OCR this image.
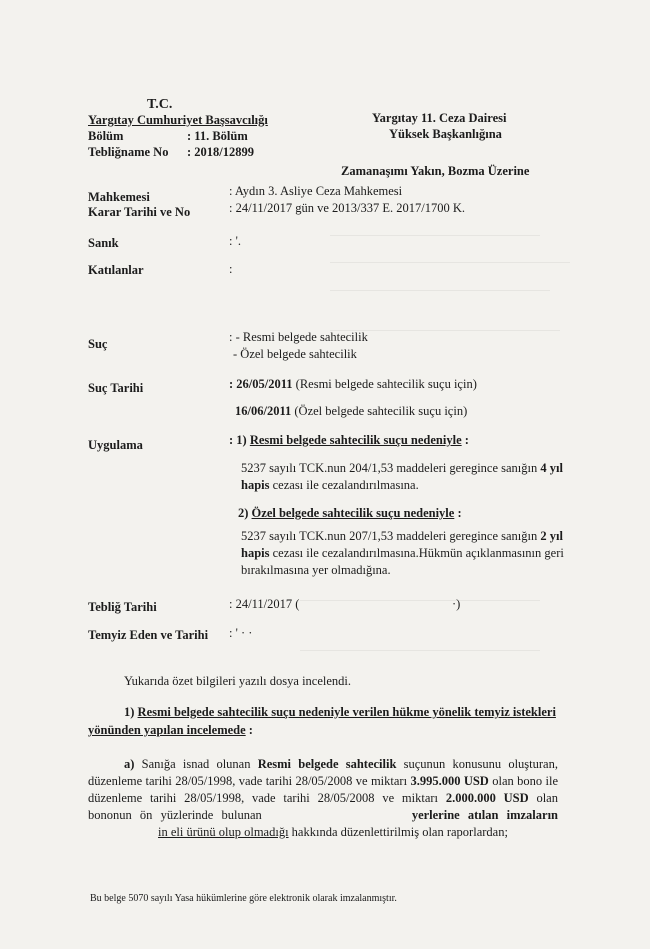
T.C.
Yargıtay Cumhuriyet Başsavcılığı
Bölüm	: 11. Bölüm
Tebliğname No : 2018/12899
Yargıtay 11. Ceza Dairesi
Yüksek Başkanlığına
Zamanaşımı Yakın, Bozma Üzerine
Mahkemesi	: Aydın 3. Asliye Ceza Mahkemesi
Karar Tarihi ve No	: 24/11/2017 gün ve 2013/337 E. 2017/1700 K.
Sanık	: '.
Katılanlar	:
Suç	: - Resmi belgede sahtecilik
- Özel belgede sahtecilik
Suç Tarihi	: 26/05/2011 (Resmi belgede sahtecilik suçu için)
16/06/2011 (Özel belgede sahtecilik suçu için)
Uygulama	: 1) Resmi belgede sahtecilik suçu nedeniyle :
5237 sayılı TCK.nun 204/1,53 maddeleri geregince sanığın 4 yıl hapis cezası ile cezalandırılmasına.
2) Özel belgede sahtecilik suçu nedeniyle :
5237 sayılı TCK.nun 207/1,53 maddeleri geregince sanığın 2 yıl hapis cezası ile cezalandırılmasına.Hükmün açıklanmasının geri bırakılmasına yer olmadığına.
Tebliğ Tarihi	: 24/11/2017 (	·)
Temyiz Eden ve Tarihi : ' · ·
Yukarıda özet bilgileri yazılı dosya incelendi.
1) Resmi belgede sahtecilik suçu nedeniyle verilen hükme yönelik temyiz istekleri yönünden yapılan incelemede :
a) Sanığa isnad olunan Resmi belgede sahtecilik suçunun konusunu oluşturan, düzenleme tarihi 28/05/1998, vade tarihi 28/05/2008 ve miktarı 3.995.000 USD olan bono ile düzenleme tarihi 28/05/1998, vade tarihi 28/05/2008 ve miktarı 2.000.000 USD olan bononun ön yüzlerinde bulunan	yerlerine atılan imzalarınin eli ürünü olup olmadığı hakkında düzenlettirilmiş olan raporlardan;
Bu belge 5070 sayılı Yasa hükümlerine göre elektronik olarak imzalanmıştır.
